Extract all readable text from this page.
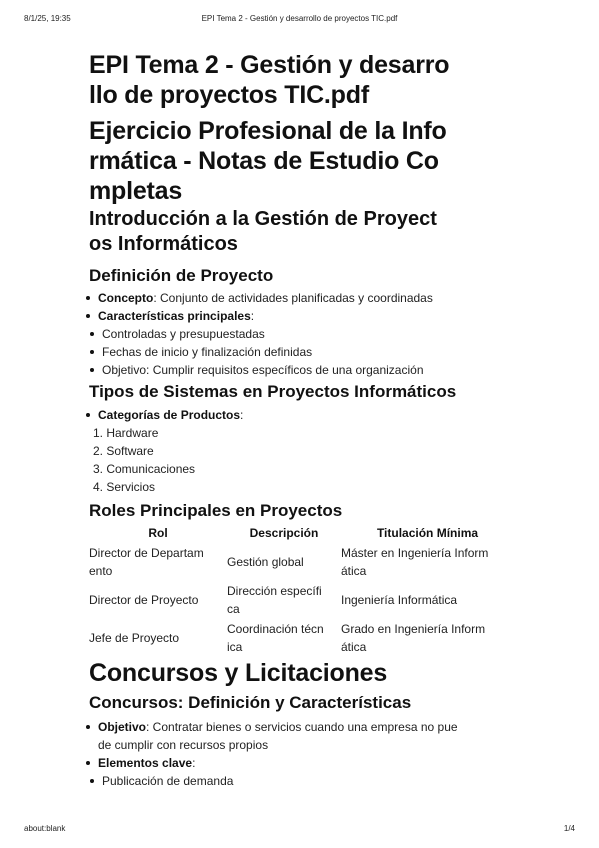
8/1/25, 19:35	EPI Tema 2 - Gestión y desarrollo de proyectos TIC.pdf
EPI Tema 2 - Gestión y desarro
llo de proyectos TIC.pdf
Ejercicio Profesional de la Info
rmática - Notas de Estudio Co
mpletas
Introducción a la Gestión de Proyect
os Informáticos
Definición de Proyecto
Concepto: Conjunto de actividades planificadas y coordinadas
Características principales:
Controladas y presupuestadas
Fechas de inicio y finalización definidas
Objetivo: Cumplir requisitos específicos de una organización
Tipos de Sistemas en Proyectos Informáticos
Categorías de Productos:
1. Hardware
2. Software
3. Comunicaciones
4. Servicios
Roles Principales en Proyectos
Rol	Descripción	Titulación Mínima
Director de Departam
ento	Gestión global	Máster en Ingeniería Inform
ática
Director de Proyecto	Dirección específi
ca	Ingeniería Informática
Jefe de Proyecto	Coordinación técn
ica	Grado en Ingeniería Inform
ática
Concursos y Licitaciones
Concursos: Definición y Características
Objetivo: Contratar bienes o servicios cuando una empresa no pue
de cumplir con recursos propios
Elementos clave:
Publicación de demanda
about:blank	1/4
